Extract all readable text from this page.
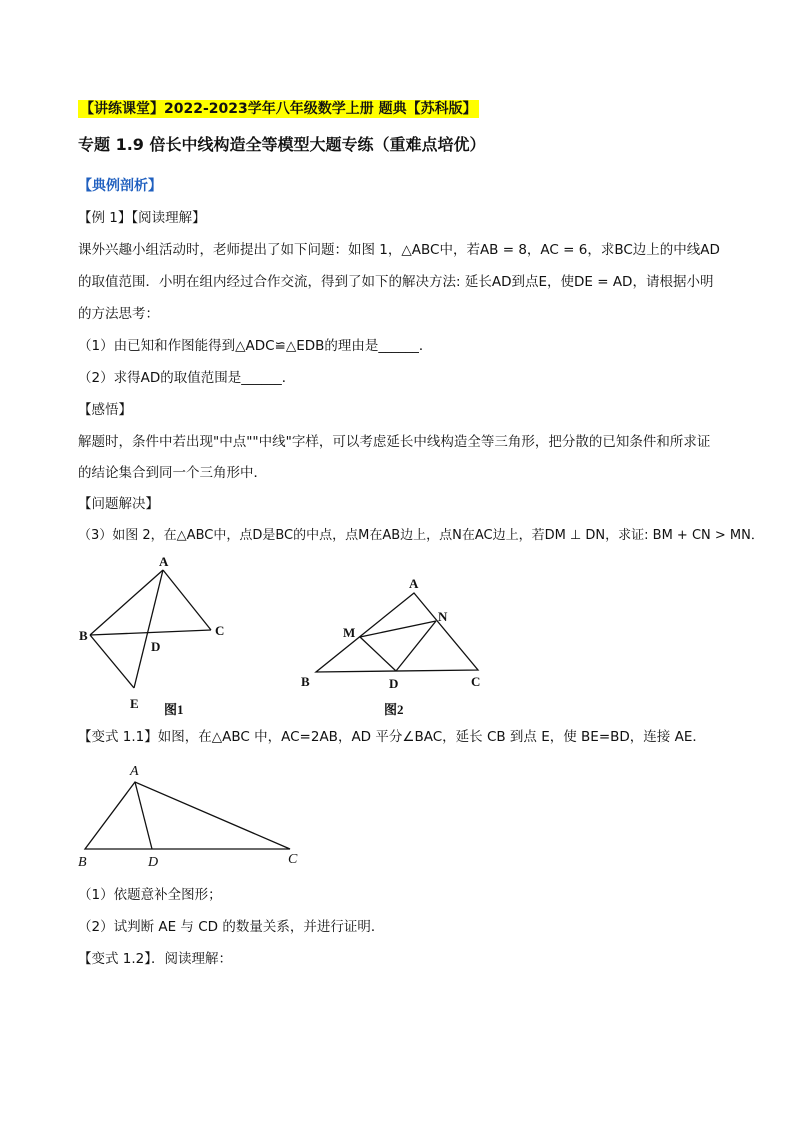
【讲练课堂】2022-2023学年八年级数学上册 题典【苏科版】
专题 1.9 倍长中线构造全等模型大题专练（重难点培优）
【典例剖析】
【例 1】【阅读理解】
课外兴趣小组活动时，老师提出了如下问题：如图 1，△ABC中，若AB = 8，AC = 6，求BC边上的中线AD
的取值范围．小明在组内经过合作交流，得到了如下的解决方法: 延长AD到点E，使DE = AD，请根据小明
的方法思考：
（1）由已知和作图能得到△ADC≌△EDB的理由是______．
（2）求得AD的取值范围是______．
【感悟】
解题时，条件中若出现"中点""中线"字样，可以考虑延长中线构造全等三角形，把分散的已知条件和所求证
的结论集合到同一个三角形中．
【问题解决】
（3）如图 2，在△ABC中，点D是BC的中点，点M在AB边上，点N在AC边上，若DM ⊥ DN，求证: BM + CN > MN．
A
B	C
D
E 图1
A
B	C
D
M
N
图2
【变式 1.1】如图，在△ABC 中，AC=2AB，AD 平分∠BAC，延长 CB 到点 E，使 BE=BD，连接 AE．
A
B	D	C
（1）依题意补全图形；
（2）试判断 AE 与 CD 的数量关系，并进行证明．
【变式 1.2】．阅读理解：
